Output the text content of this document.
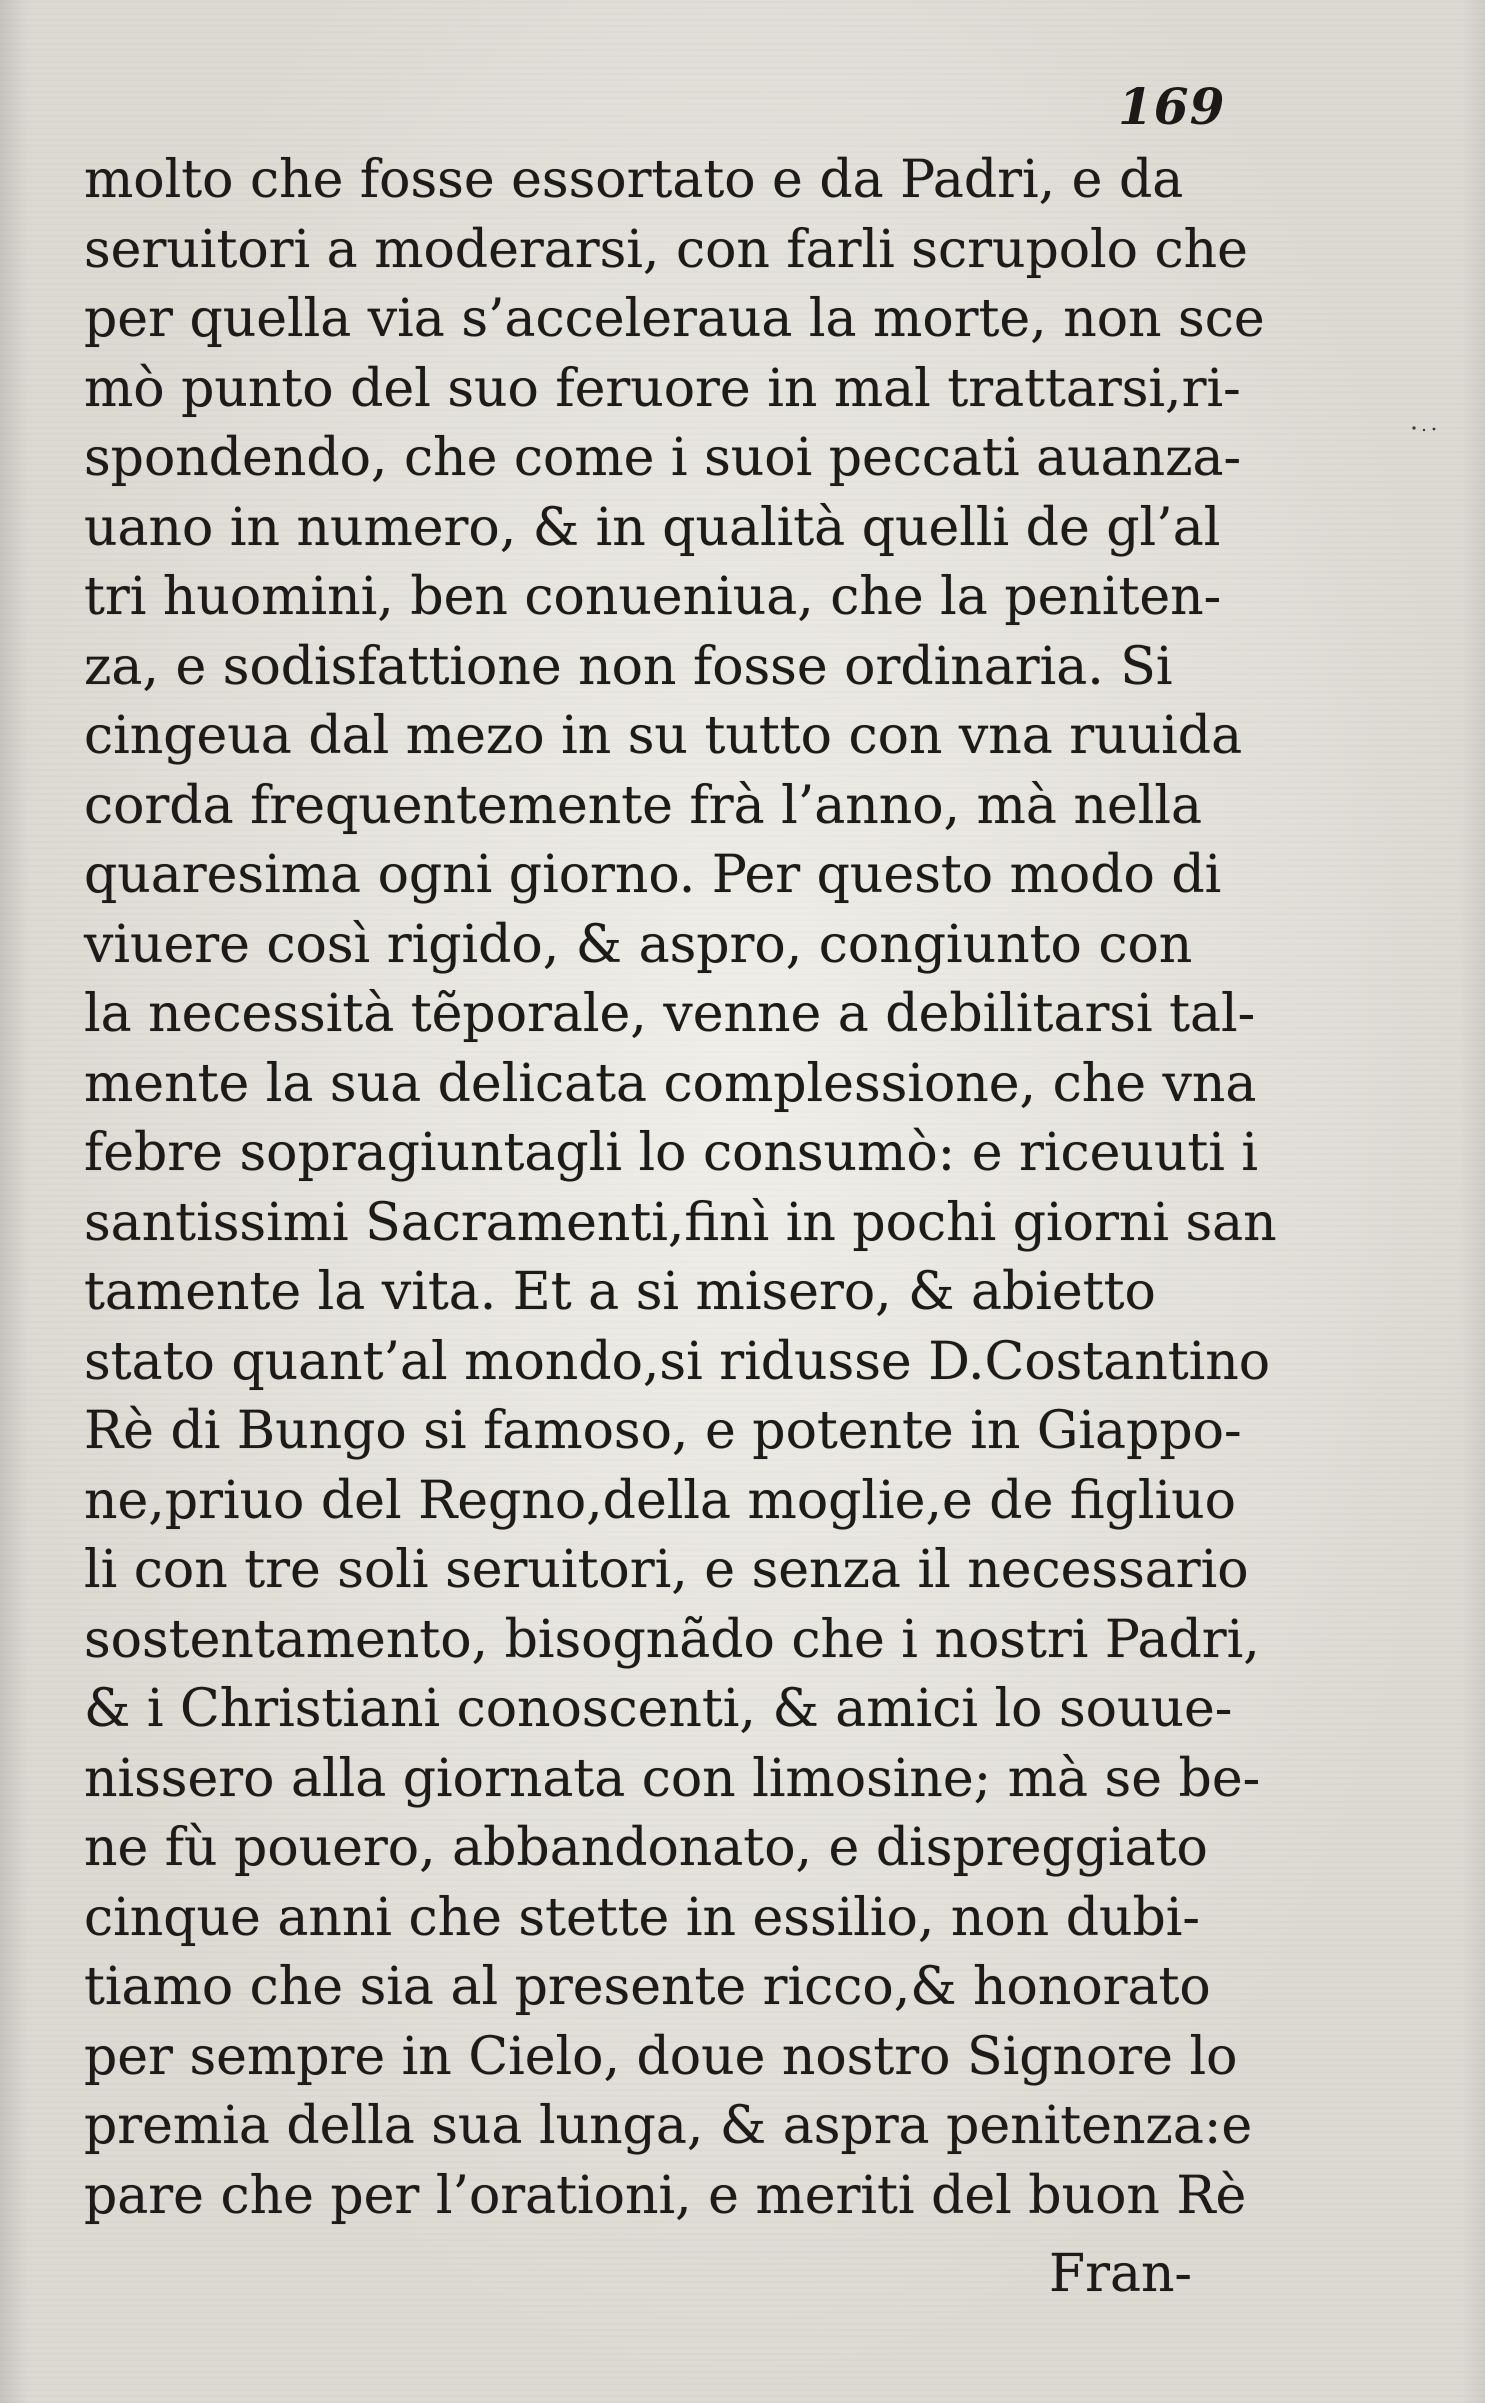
169
molto che fosse essortato e da Padri, e da
seruitori a moderarsi, con farli scrupolo che
per quella via s’acceleraua la morte, non sce
mò punto del suo feruore in mal trattarsi,ri-
spondendo, che come i suoi peccati auanza-
uano in numero, & in qualità quelli de gl’al
tri huomini, ben conueniua, che la peniten-
za, e sodisfattione non fosse ordinaria. Si
cingeua dal mezo in su tutto con vna ruuida
corda frequentemente frà l’anno, mà nella
quaresima ogni giorno. Per questo modo di
viuere così rigido, & aspro, congiunto con
la necessità tẽporale, venne a debilitarsi tal-
mente la sua delicata complessione, che vna
febre sopragiuntagli lo consumò: e riceuuti i
santissimi Sacramenti,finì in pochi giorni san
tamente la vita. Et a si misero, & abietto
stato quant’al mondo,si ridusse D.Costantino
Rè di Bungo si famoso, e potente in Giappo-
ne,priuo del Regno,della moglie,e de figliuo
li con tre soli seruitori, e senza il necessario
sostentamento, bisognãdo che i nostri Padri,
& i Christiani conoscenti, & amici lo souue-
nissero alla giornata con limosine; mà se be-
ne fù pouero, abbandonato, e dispreggiato
cinque anni che stette in essilio, non dubi-
tiamo che sia al presente ricco,& honorato
per sempre in Cielo, doue nostro Signore lo
premia della sua lunga, & aspra penitenza:e
pare che per l’orationi, e meriti del buon Rè
Fran-
